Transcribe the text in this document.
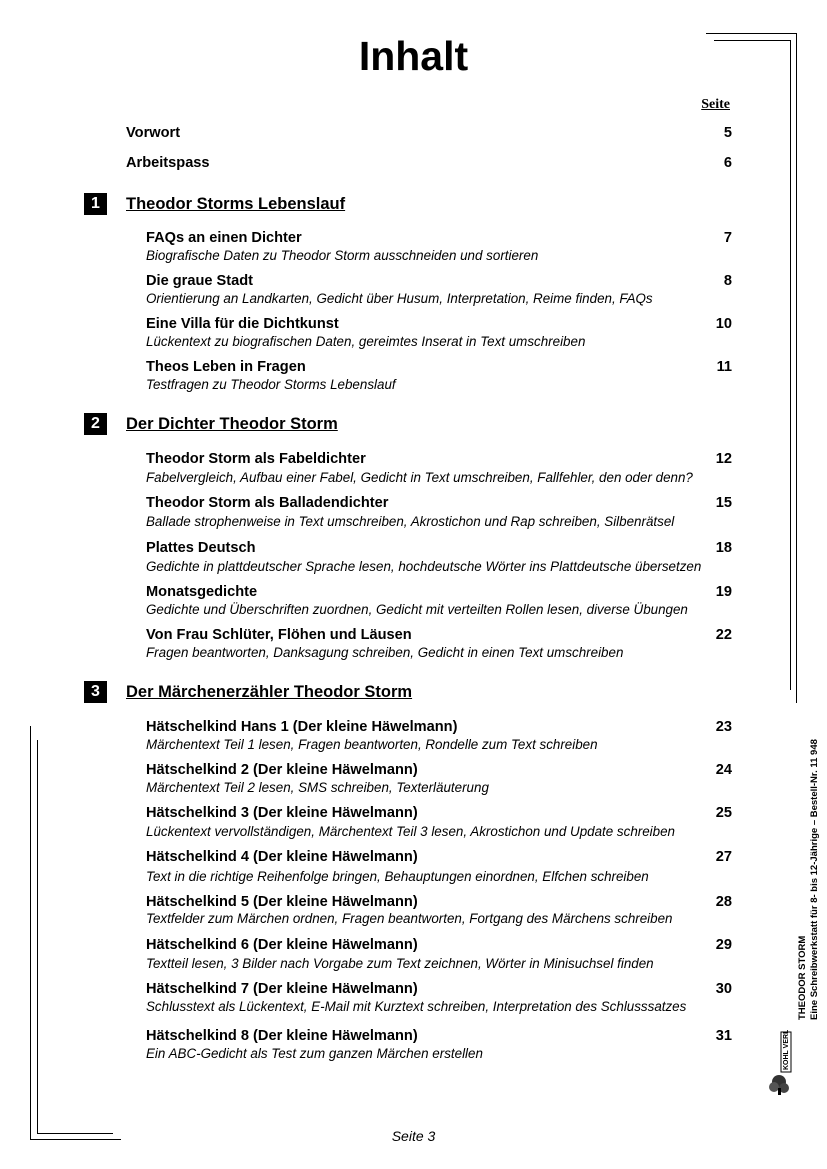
Inhalt
Seite
Vorwort	5
Arbeitspass	6
1	Theodor Storms Lebenslauf
FAQs an einen Dichter	7
Biografische Daten zu Theodor Storm ausschneiden und sortieren
Die graue Stadt	8
Orientierung an Landkarten, Gedicht über Husum, Interpretation, Reime finden, FAQs
Eine Villa für die Dichtkunst	10
Lückentext zu biografischen Daten, gereimtes Inserat in Text umschreiben
Theos Leben in Fragen	11
Testfragen zu Theodor Storms Lebenslauf
2	Der Dichter Theodor Storm
Theodor Storm als Fabeldichter	12
Fabelvergleich, Aufbau einer Fabel, Gedicht in Text umschreiben, Fallfehler, den oder denn?
Theodor Storm als Balladendichter	15
Ballade strophenweise in Text umschreiben, Akrostichon und Rap schreiben, Silbenrätsel
Plattes Deutsch	18
Gedichte in plattdeutscher Sprache lesen, hochdeutsche Wörter ins Plattdeutsche übersetzen
Monatsgedichte	19
Gedichte und Überschriften zuordnen, Gedicht mit verteilten Rollen lesen, diverse Übungen
Von Frau Schlüter, Flöhen und Läusen	22
Fragen beantworten, Danksagung schreiben, Gedicht in einen Text umschreiben
3	Der Märchenerzähler Theodor Storm
Hätschelkind Hans 1 (Der kleine Häwelmann)	23
Märchentext Teil 1 lesen, Fragen beantworten, Rondelle zum Text schreiben
Hätschelkind 2 (Der kleine Häwelmann)	24
Märchentext Teil 2 lesen, SMS schreiben, Texterläuterung
Hätschelkind 3 (Der kleine Häwelmann)	25
Lückentext vervollständigen, Märchentext Teil 3 lesen, Akrostichon und Update schreiben
Hätschelkind 4 (Der kleine Häwelmann)	27
Text in die richtige Reihenfolge bringen, Behauptungen einordnen, Elfchen schreiben
Hätschelkind 5 (Der kleine Häwelmann)	28
Textfelder zum Märchen ordnen, Fragen beantworten, Fortgang des Märchens schreiben
Hätschelkind 6 (Der kleine Häwelmann)	29
Textteil lesen, 3 Bilder nach Vorgabe zum Text zeichnen, Wörter in Minisuchsel finden
Hätschelkind 7 (Der kleine Häwelmann)	30
Schlusstext als Lückentext, E-Mail mit Kurztext schreiben, Interpretation des Schlusssatzes
Hätschelkind 8 (Der kleine Häwelmann)	31
Ein ABC-Gedicht als Test zum ganzen Märchen erstellen
THEODOR STORM Eine Schreibwerkstatt für 8- bis 12-Jährige – Bestell-Nr. 11 948
KOHL VERLAG
Seite 3
